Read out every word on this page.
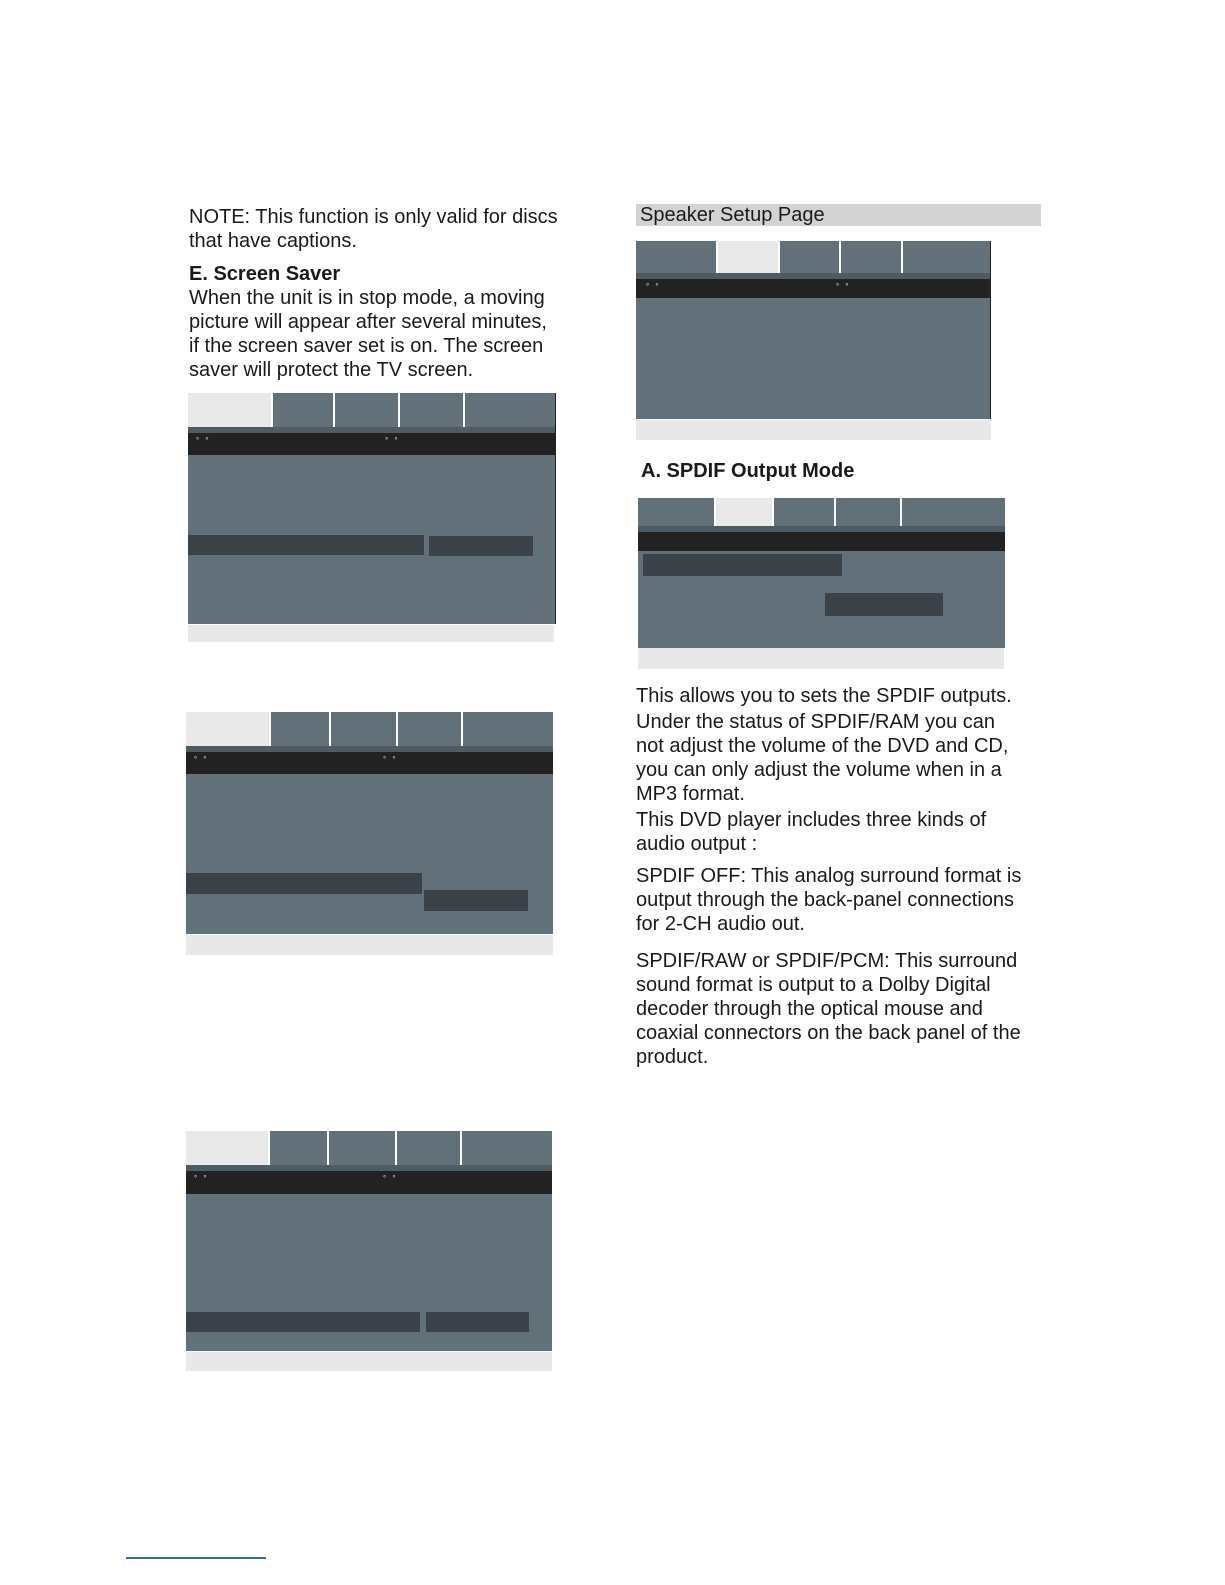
NOTE: This function is only valid for discs

that have captions.

E. Screen Saver

When the unit is in stop mode, a moving

picture will appear after several minutes,

if the screen saver set is on. The screen

saver will protect the TV screen.

° °	° °
° °	° °
° °	° °
Speaker Setup Page
° °	° °
A. SPDIF Output Mode

This allows you to sets the SPDIF outputs.

Under the status of SPDIF/RAM you can

not adjust the volume of the DVD and CD,

you can only adjust the volume when in a

MP3 format.

This DVD player includes three kinds of

audio output :

SPDIF OFF: This analog surround format is

output through the back-panel connections

for 2-CH audio out.

SPDIF/RAW or SPDIF/PCM: This surround

sound format is output to a Dolby Digital

decoder through the optical mouse and

coaxial connectors on the back panel of the

product.
